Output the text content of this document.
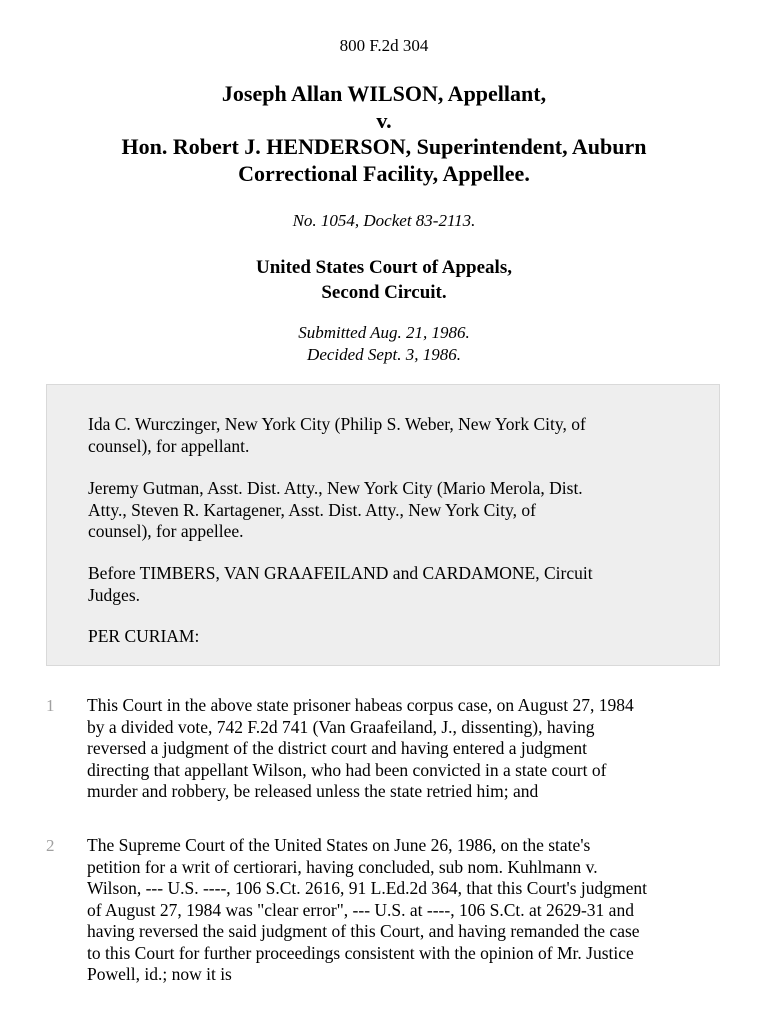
800 F.2d 304
Joseph Allan WILSON, Appellant,
v.
Hon. Robert J. HENDERSON, Superintendent, Auburn
Correctional Facility, Appellee.
No. 1054, Docket 83-2113.
United States Court of Appeals,
Second Circuit.
Submitted Aug. 21, 1986.
Decided Sept. 3, 1986.

Ida C. Wurczinger, New York City (Philip S. Weber, New York City, of
counsel), for appellant.

Jeremy Gutman, Asst. Dist. Atty., New York City (Mario Merola, Dist.
Atty., Steven R. Kartagener, Asst. Dist. Atty., New York City, of
counsel), for appellee.

Before TIMBERS, VAN GRAAFEILAND and CARDAMONE, Circuit
Judges.

PER CURIAM:

1 This Court in the above state prisoner habeas corpus case, on August 27, 1984
by a divided vote, 742 F.2d 741 (Van Graafeiland, J., dissenting), having
reversed a judgment of the district court and having entered a judgment
directing that appellant Wilson, who had been convicted in a state court of
murder and robbery, be released unless the state retried him; and
2 The Supreme Court of the United States on June 26, 1986, on the state's
petition for a writ of certiorari, having concluded, sub nom. Kuhlmann v.
Wilson, --- U.S. ----, 106 S.Ct. 2616, 91 L.Ed.2d 364, that this Court's judgment
of August 27, 1984 was "clear error", --- U.S. at ----, 106 S.Ct. at 2629-31 and
having reversed the said judgment of this Court, and having remanded the case
to this Court for further proceedings consistent with the opinion of Mr. Justice
Powell, id.; now it is
